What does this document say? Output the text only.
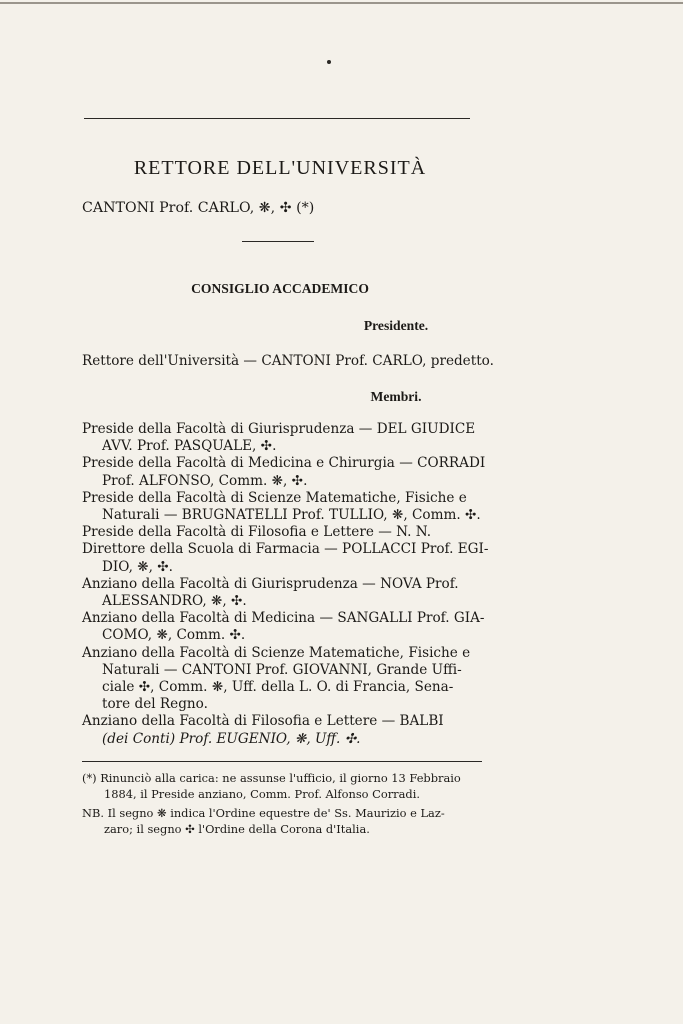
RETTORE DELL'UNIVERSITÀ
CANTONI Prof. CARLO, ❋, ✣ (*)
CONSIGLIO ACCADEMICO
Presidente.
Rettore dell'Università — CANTONI Prof. CARLO, predetto.
Membri.
Preside della Facoltà di Giurisprudenza — DEL GIUDICE
AVV. Prof. PASQUALE, ✣.
Preside della Facoltà di Medicina e Chirurgia — CORRADI
Prof. ALFONSO, Comm. ❋, ✣.
Preside della Facoltà di Scienze Matematiche, Fisiche e
Naturali — BRUGNATELLI Prof. TULLIO, ❋, Comm. ✣.
Preside della Facoltà di Filosofia e Lettere — N. N.
Direttore della Scuola di Farmacia — POLLACCI Prof. EGI-
DIO, ❋, ✣.
Anziano della Facoltà di Giurisprudenza — NOVA Prof.
ALESSANDRO, ❋, ✣.
Anziano della Facoltà di Medicina — SANGALLI Prof. GIA-
COMO, ❋, Comm. ✣.
Anziano della Facoltà di Scienze Matematiche, Fisiche e
Naturali — CANTONI Prof. GIOVANNI, Grande Uffi-
ciale ✣, Comm. ❋, Uff. della L. O. di Francia, Sena-
tore del Regno.
Anziano della Facoltà di Filosofia e Lettere — BALBI
(dei Conti) Prof. EUGENIO, ❋, Uff. ✣.
(*) Rinunciò alla carica: ne assunse l'ufficio, il giorno 13 Febbraio
1884, il Preside anziano, Comm. Prof. Alfonso Corradi.
NB. Il segno ❋ indica l'Ordine equestre de' Ss. Maurizio e Laz-
zaro; il segno ✣ l'Ordine della Corona d'Italia.
